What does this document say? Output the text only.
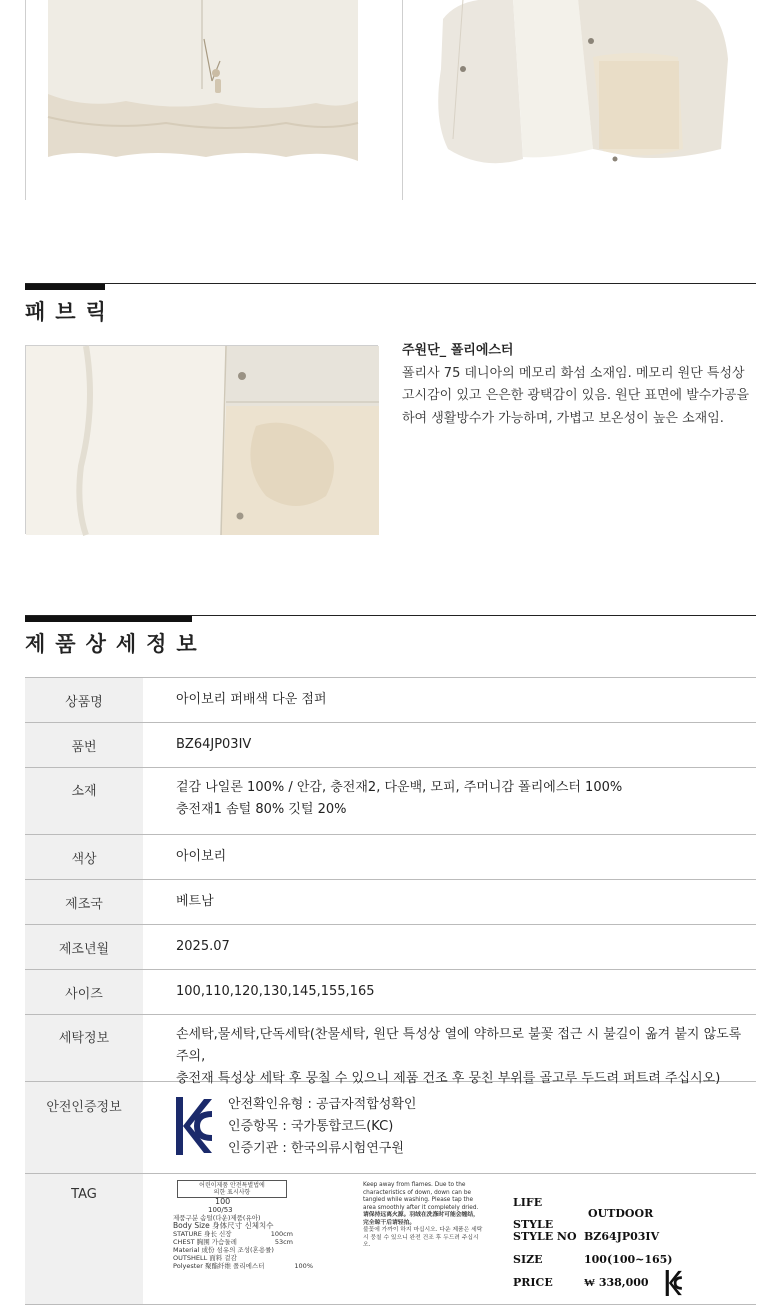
패브릭
주원단_ 폴리에스터
폴리사 75 데니아의 메모리 화섬 소재임. 메모리 원단 특성상
고시감이 있고 은은한 광택감이 있음. 원단 표면에 발수가공을
하여 생활방수가 가능하며, 가볍고 보온성이 높은 소재임.
제품상세정보
상품명	아이보리 퍼배색 다운 점퍼
품번	BZ64JP03IV
소재	겉감 나일론 100% / 안감, 충전재2, 다운백, 모피, 주머니감 폴리에스터 100%
충전재1 솜털 80% 깃털 20%
색상	아이보리
제조국	베트남
제조년월	2025.07
사이즈	100,110,120,130,145,155,165
세탁정보	손세탁,물세탁,단독세탁(찬물세탁, 원단 특성상 열에 약하므로 불꽃 접근 시 불길이 옮겨 붙지 않도록 주의,
충전재 특성상 세탁 후 뭉칠 수 있으니 제품 건조 후 뭉친 부위를 골고루 두드려 퍼트려 주십시오)
안전인증정보	안전확인유형 : 공급자적합성확인
인증항목 : 국가통합코드(KC)
인증기관 : 한국의류시험연구원
TAG
어린이제품 안전특별법에
의한 표시사항
100
100/53
제품구분 솜털(다운)제품(유아)
Body Size 身体尺寸 신체치수
STATURE 身长 신장	100cm
CHEST 胸围 가슴둘레	53cm
Material 成份 섬유의 조성(혼용률)
OUTSHELL 面料 겉감
Polyester 聚酯纤维 폴리에스터	100%
Keep away from flames. Due to the characteristics of down, down can be tangled while washing. Please tap the area smoothly after it completely dried.
请保持远离火源。羽绒在洗涤时可能会缠结，完全晾干后请轻拍。
불꽃에 가까이 하지 마십시오. 다운 제품은 세탁 시 뭉칠 수 있으니 완전 건조 후 두드려 주십시오.
LIFE STYLE
OUTDOOR
STYLE NO BZ64JP03IV
SIZE	100(100~165)
PRICE	₩ 338,000
